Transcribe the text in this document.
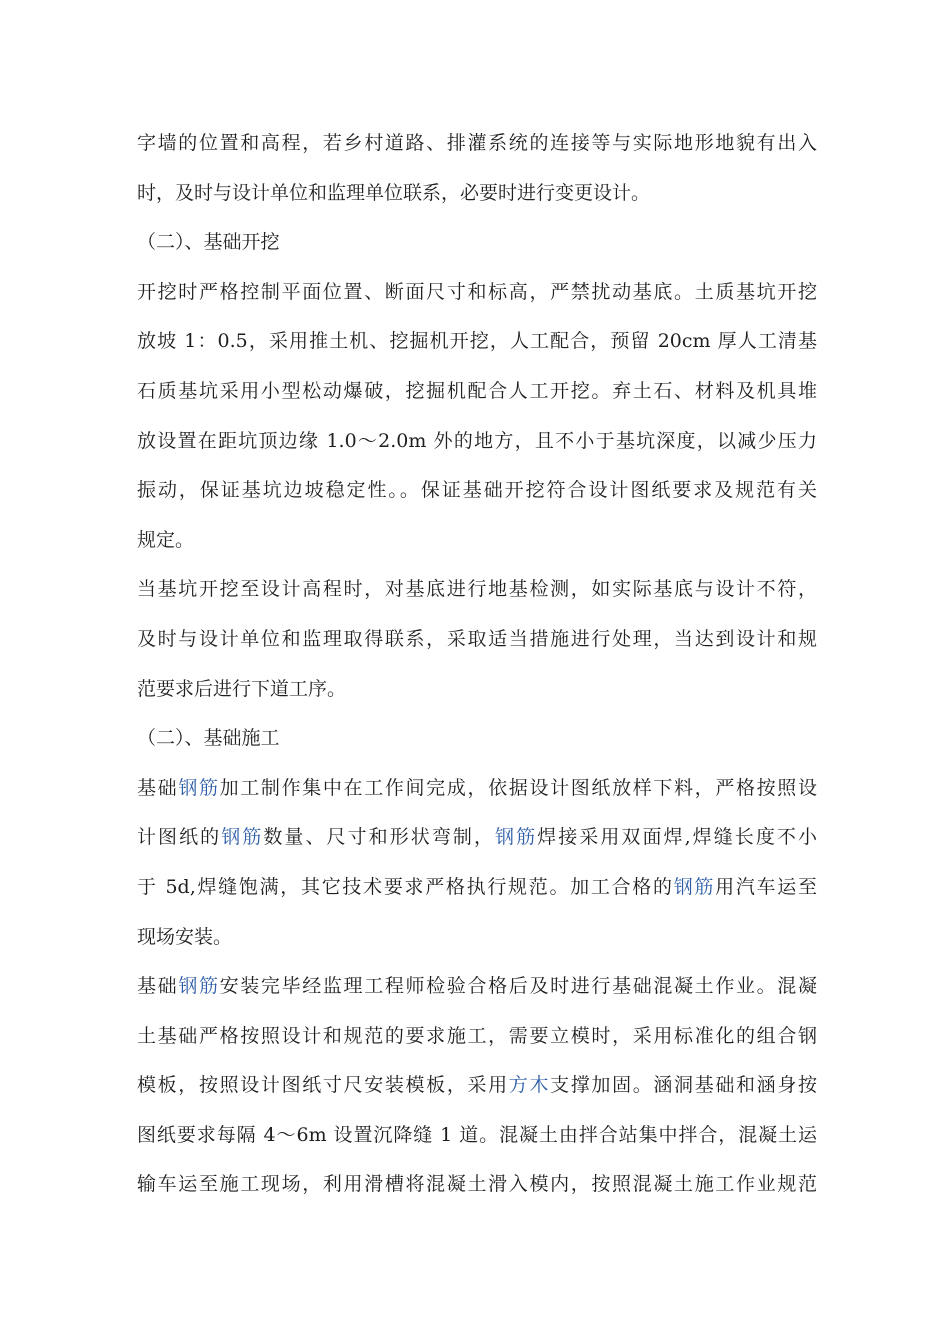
字墙的位置和高程，若乡村道路、排灌系统的连接等与实际地形地貌有出入
时，及时与设计单位和监理单位联系，必要时进行变更设计。
（二）、基础开挖
开挖时严格控制平面位置、断面尺寸和标高，严禁扰动基底。土质基坑开挖
放坡 1：0.5，采用推土机、挖掘机开挖，人工配合，预留 20cm 厚人工清基
石质基坑采用小型松动爆破，挖掘机配合人工开挖。弃土石、材料及机具堆
放设置在距坑顶边缘 1.0～2.0m 外的地方，且不小于基坑深度，以减少压力
振动，保证基坑边坡稳定性。。保证基础开挖符合设计图纸要求及规范有关
规定。
当基坑开挖至设计高程时，对基底进行地基检测，如实际基底与设计不符，
及时与设计单位和监理取得联系，采取适当措施进行处理，当达到设计和规
范要求后进行下道工序。
（二）、基础施工
基础钢筋加工制作集中在工作间完成，依据设计图纸放样下料，严格按照设
计图纸的钢筋数量、尺寸和形状弯制，钢筋焊接采用双面焊,焊缝长度不小
于 5d,焊缝饱满，其它技术要求严格执行规范。加工合格的钢筋用汽车运至
现场安装。
基础钢筋安装完毕经监理工程师检验合格后及时进行基础混凝土作业。混凝
土基础严格按照设计和规范的要求施工，需要立模时，采用标准化的组合钢
模板，按照设计图纸寸尺安装模板，采用方木支撑加固。涵洞基础和涵身按
图纸要求每隔 4～6m 设置沉降缝 1 道。混凝土由拌合站集中拌合，混凝土运
输车运至施工现场，利用滑槽将混凝土滑入模内，按照混凝土施工作业规范
